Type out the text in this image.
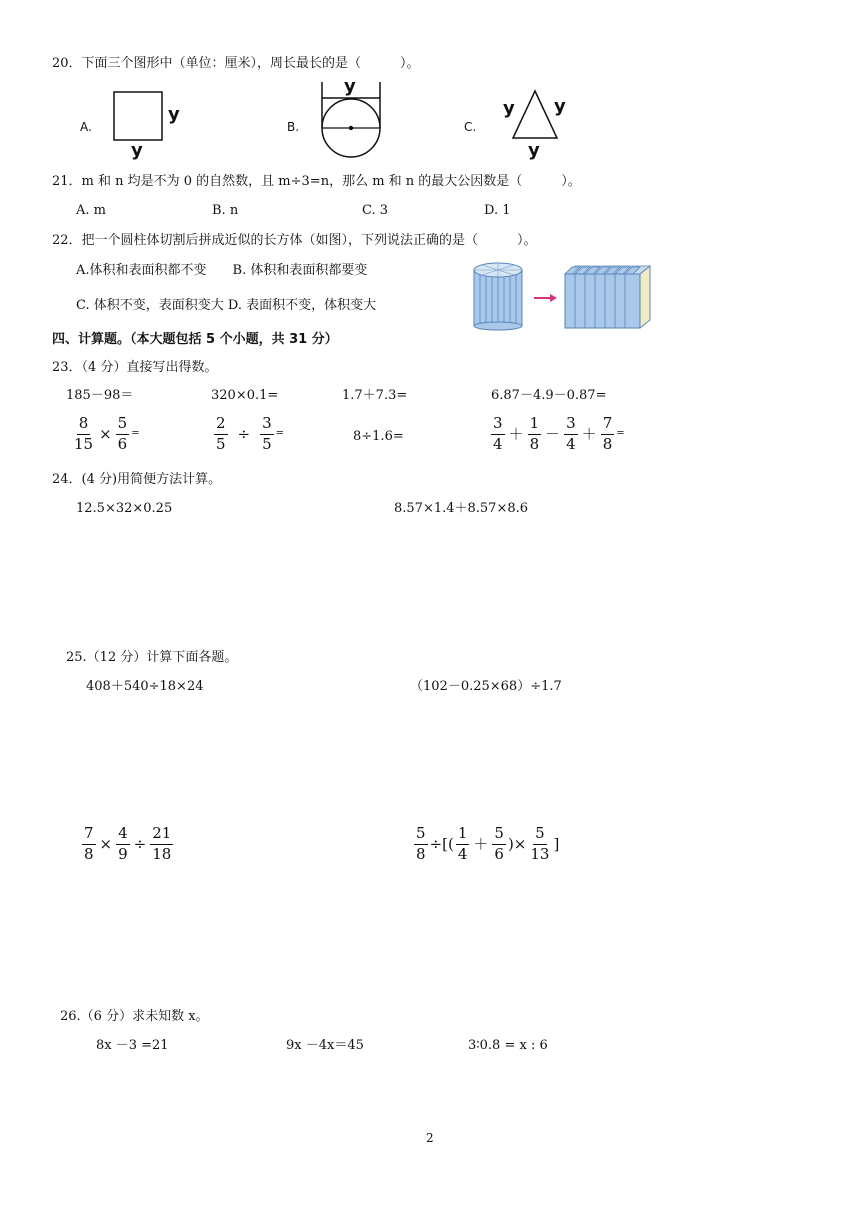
20．下面三个图形中（单位：厘米），周长最长的是（　　　）。
A.
y
y
B.
y
C.
y y
y
21．m 和 n 均是不为 0 的自然数，且 m÷3=n，那么 m 和 n 的最大公因数是（　　　）。
A. m	B. n	C. 3	D. 1
22．把一个圆柱体切割后拼成近似的长方体（如图），下列说法正确的是（　　　）。
A.体积和表面积都不变　　B. 体积和表面积都要变
C. 体积不变，表面积变大 D. 表面积不变，体积变大
四、计算题。（本大题包括 5 个小题，共 31 分）
23．（4 分）直接写出得数。
185－98＝	320×0.1=	1.7＋7.3=	6.87－4.9－0.87=
$\frac{8}{15} \times \frac{5}{6}$ =	$\frac{2}{5} \div \frac{3}{5}$ =	8÷1.6=	$\frac{3}{4} + \frac{1}{8} - \frac{3}{4} + \frac{7}{8}$ =
24．(4 分)用简便方法计算。
12.5×32×0.25	8.57×1.4＋8.57×8.6
25.（12 分）计算下面各题。
408＋540÷18×24	（102－0.25×68）÷1.7
$\frac{7}{8} \times \frac{4}{9} \div \frac{21}{18}$	$\frac{5}{8}$ ÷[( $\frac{1}{4} + \frac{5}{6}$ )× $\frac{5}{13}$ ]
26.（6 分）求未知数 x。
8x －3 =21	9x －4x＝45	3∶0.8 = x : 6
2
